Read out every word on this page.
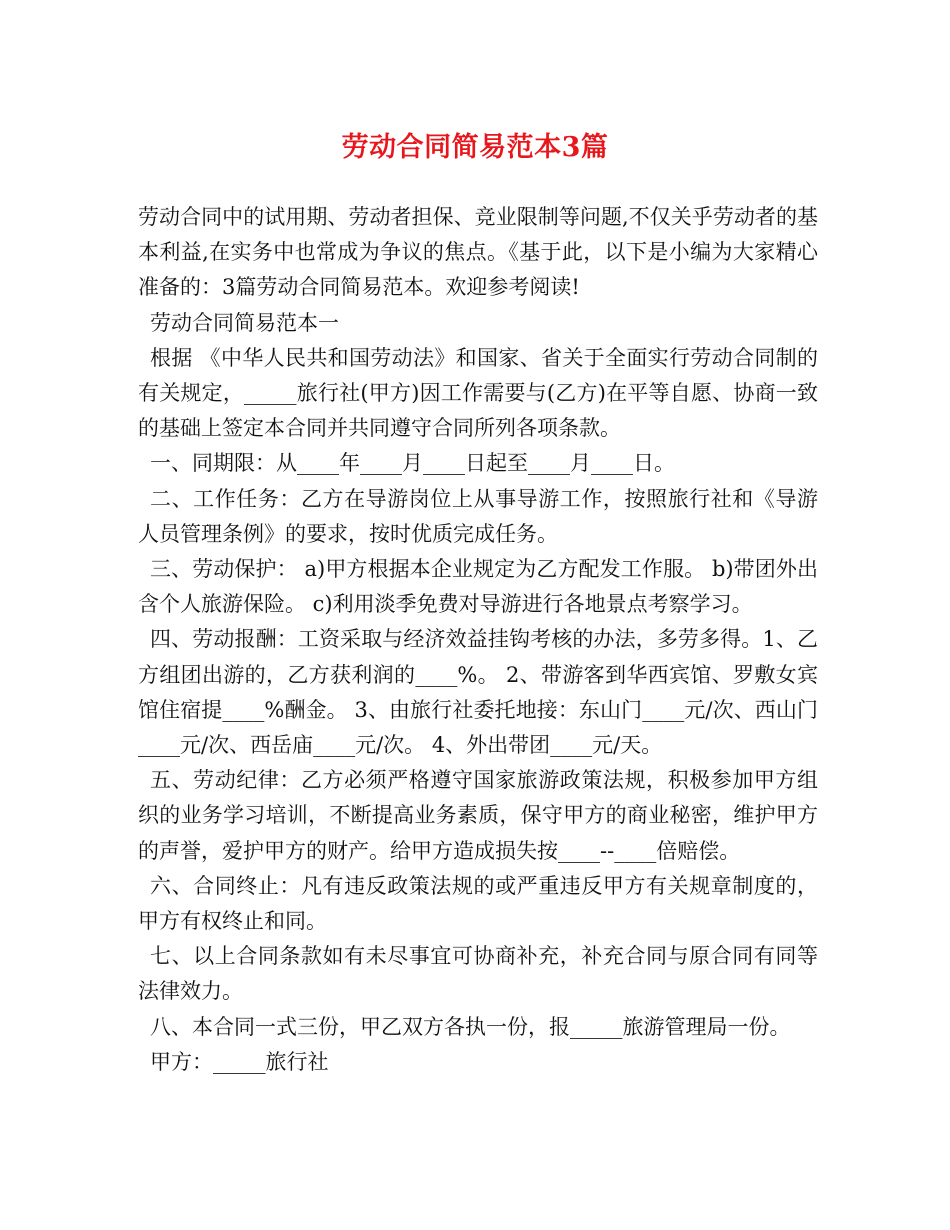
劳动合同简易范本3篇

劳动合同中的试用期、劳动者担保、竞业限制等问题,不仅关乎劳动者的基本利益,在实务中也常成为争议的焦点。《基于此，以下是小编为大家精心准备的：3篇劳动合同简易范本。欢迎参考阅读!

劳动合同简易范本一

根据 《中华人民共和国劳动法》和国家、省关于全面实行劳动合同制的有关规定，_____旅行社(甲方)因工作需要与(乙方)在平等自愿、协商一致的基础上签定本合同并共同遵守合同所列各项条款。

一、同期限：从____年____月____日起至____月____日。

二、工作任务：乙方在导游岗位上从事导游工作，按照旅行社和《导游人员管理条例》的要求，按时优质完成任务。

三、劳动保护： a)甲方根据本企业规定为乙方配发工作服。 b)带团外出含个人旅游保险。 c)利用淡季免费对导游进行各地景点考察学习。

四、劳动报酬：工资采取与经济效益挂钩考核的办法，多劳多得。1、乙方组团出游的，乙方获利润的____%。 2、带游客到华西宾馆、罗敷女宾馆住宿提____%酬金。 3、由旅行社委托地接：东山门____元/次、西山门____元/次、西岳庙____元/次。 4、外出带团____元/天。

五、劳动纪律：乙方必须严格遵守国家旅游政策法规，积极参加甲方组织的业务学习培训，不断提高业务素质，保守甲方的商业秘密，维护甲方的声誉，爱护甲方的财产。给甲方造成损失按____--____倍赔偿。

六、合同终止：凡有违反政策法规的或严重违反甲方有关规章制度的，甲方有权终止和同。

七、以上合同条款如有未尽事宜可协商补充，补充合同与原合同有同等法律效力。

八、本合同一式三份，甲乙双方各执一份，报_____旅游管理局一份。

甲方：_____旅行社
